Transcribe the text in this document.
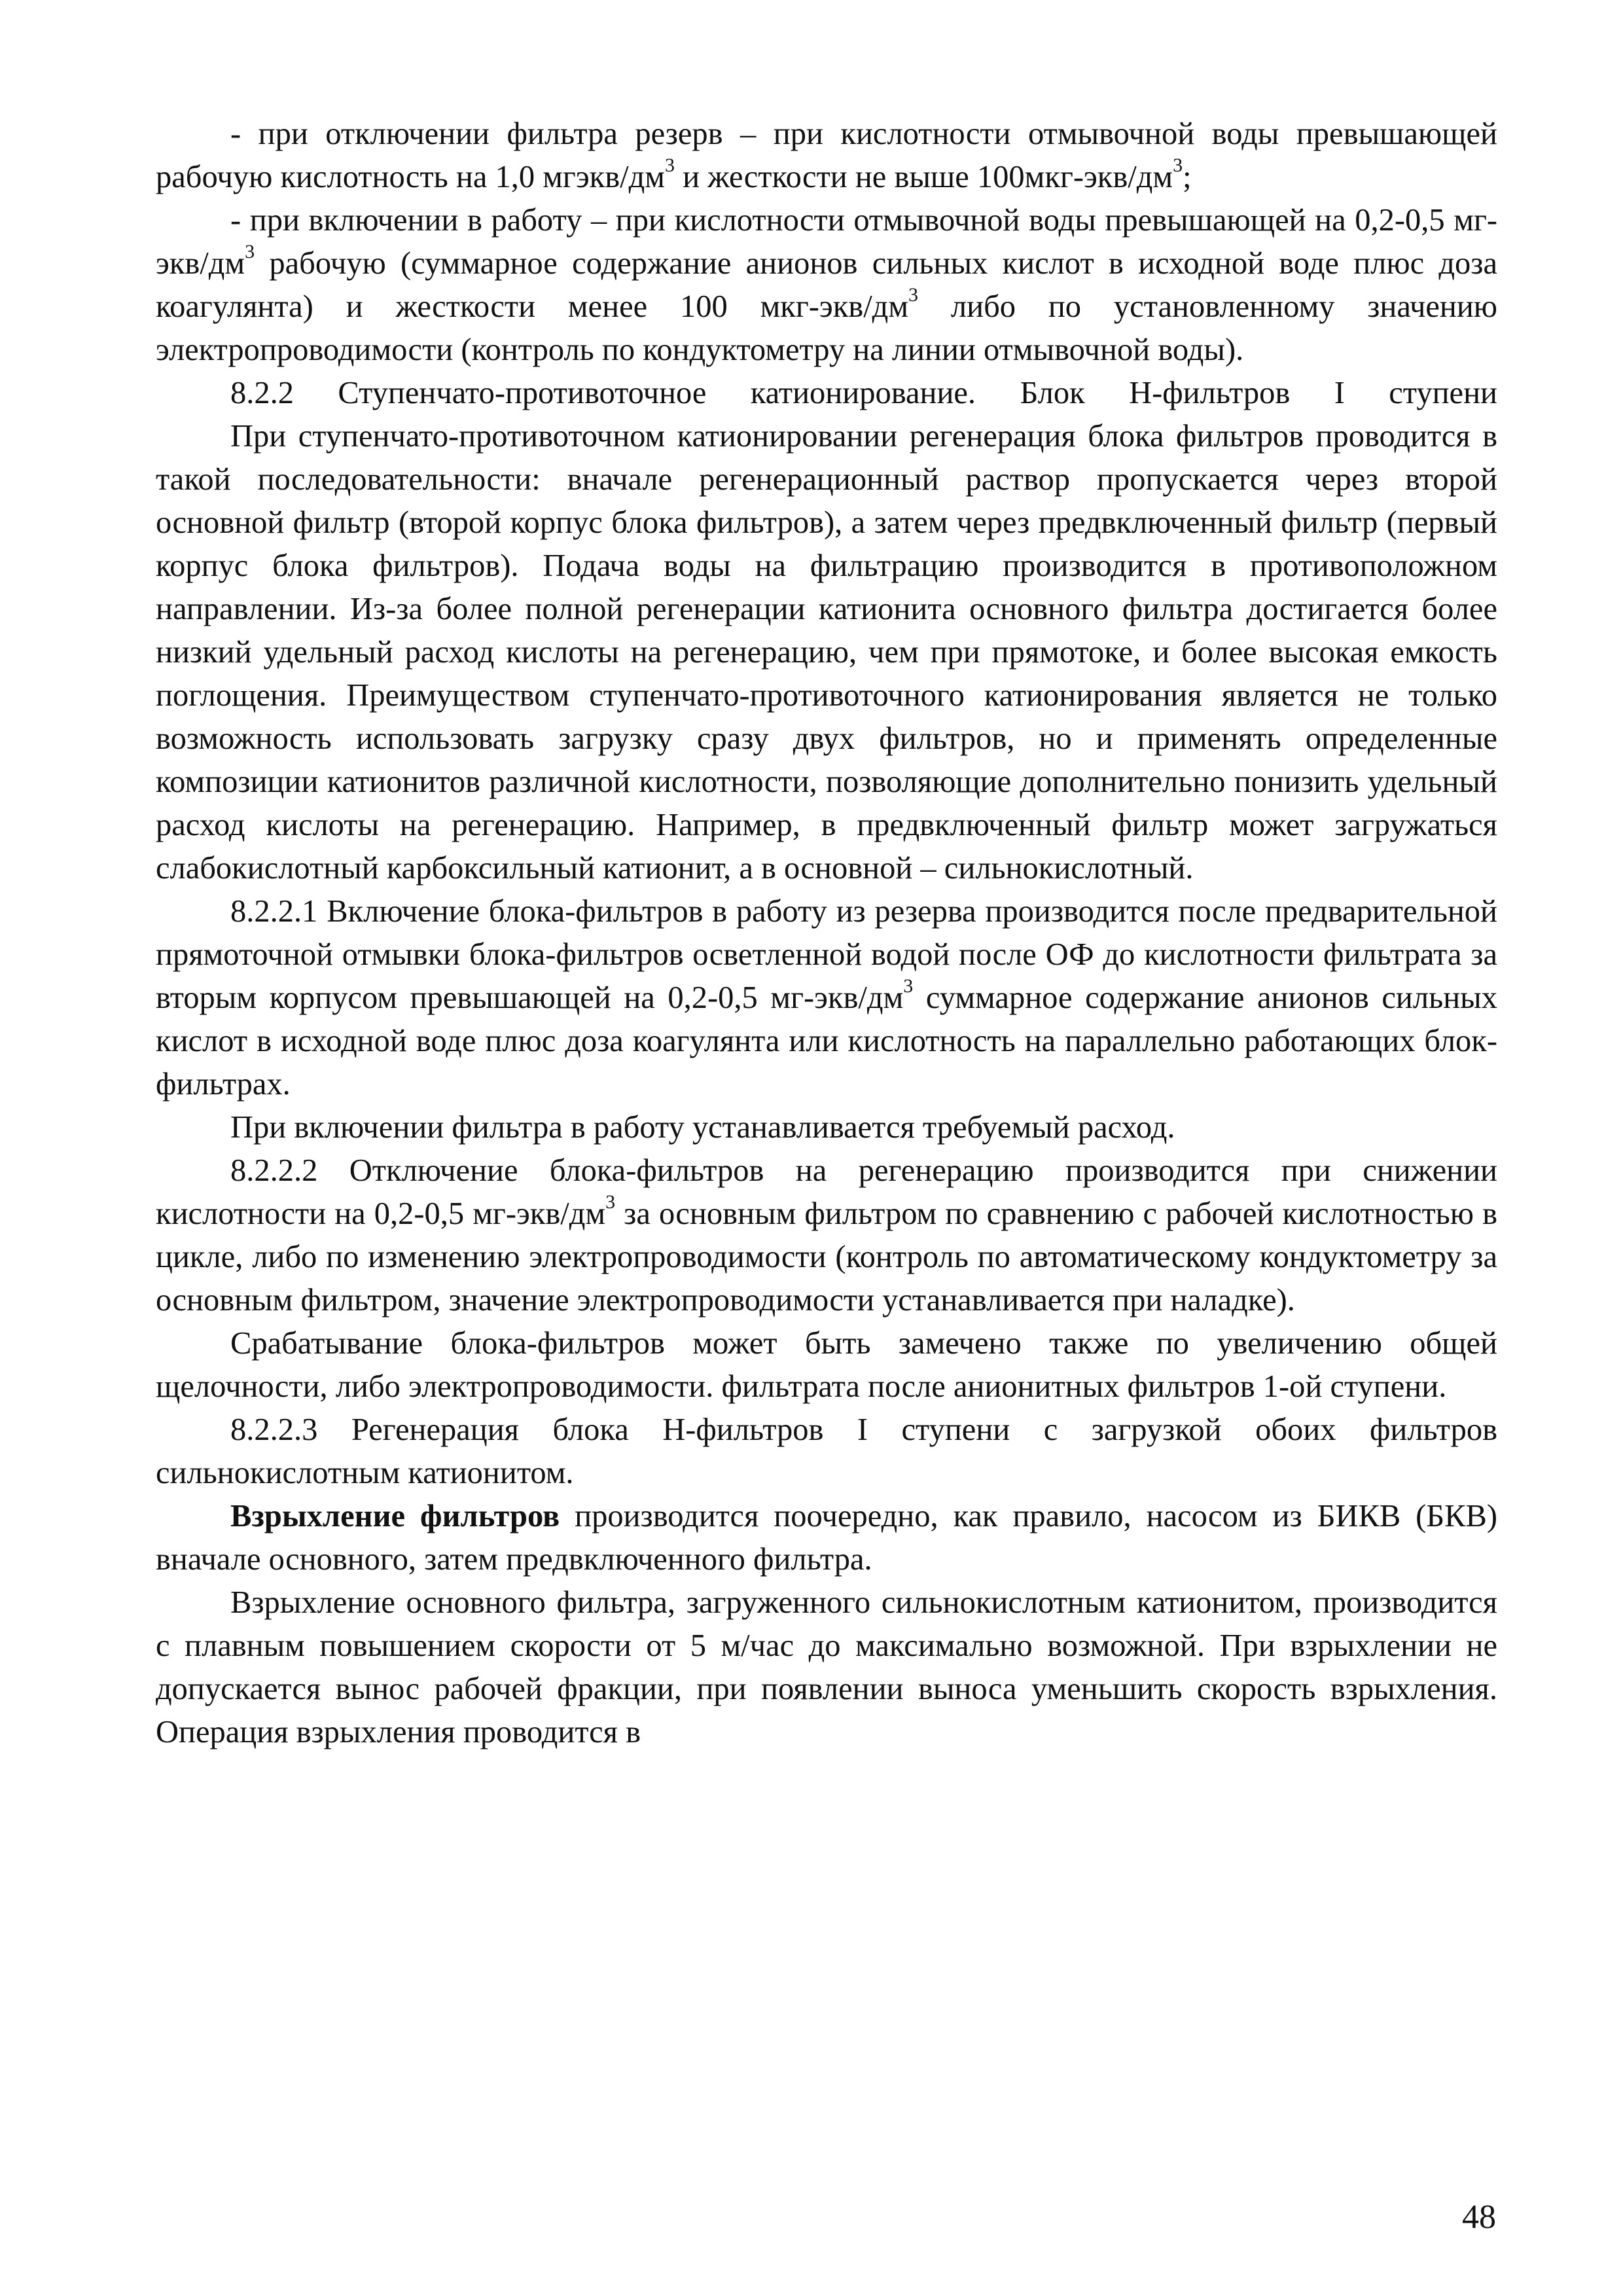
- при отключении фильтра резерв – при кислотности отмывочной воды превышающей рабочую кислотность на 1,0 мгэкв/$дм^3$ и жесткости не выше $100мкг-экв/дм^3$;

- при включении в работу – при кислотности отмывочной воды превышающей на 0,2-0,5 $мг-экв/дм^3$ рабочую (суммарное содержание анионов сильных кислот в исходной воде плюс доза коагулянта) и жесткости менее 100 мкг-$экв/дм^3$ либо по установленному значению электропроводимости (контроль по кондуктометру на линии отмывочной воды).

8.2.2 Ступенчато-противоточное катионирование. Блок Н-фильтров I ступени

При ступенчато-противоточном катионировании регенерация блока фильтров проводится в такой последовательности: вначале регенерационный раствор пропускается через второй основной фильтр (второй корпус блока фильтров), а затем через предвключенный фильтр (первый корпус блока фильтров). Подача воды на фильтрацию производится в противоположном направлении. Из-за более полной регенерации катионита основного фильтра достигается более низкий удельный расход кислоты на регенерацию, чем при прямотоке, и более высокая емкость поглощения. Преимуществом ступенчато-противоточного катионирования является не только возможность использовать загрузку сразу двух фильтров, но и применять определенные композиции катионитов различной кислотности, позволяющие дополнительно понизить удельный расход кислоты на регенерацию. Например, в предвключенный фильтр может загружаться слабокислотный карбоксильный катионит, а в основной – сильнокислотный.

8.2.2.1 Включение блока-фильтров в работу из резерва производится после предварительной прямоточной отмывки блока-фильтров осветленной водой после ОФ до кислотности фильтрата за вторым корпусом превышающей на 0,2-0,5 $мг-экв/дм^3$ суммарное содержание анионов сильных кислот в исходной воде плюс доза коагулянта или кислотность на параллельно работающих блок-фильтрах.

При включении фильтра в работу устанавливается требуемый расход.

8.2.2.2 Отключение блока-фильтров на регенерацию производится при снижении кислотности на 0,2-0,5 $мг-экв/дм^3$ за основным фильтром по сравнению с рабочей кислотностью в цикле, либо по изменению электропроводимости (контроль по автоматическому кондуктометру за основным фильтром, значение электропроводимости устанавливается при наладке).

Срабатывание блока-фильтров может быть замечено также по увеличению общей щелочности, либо электропроводимости. фильтрата после анионитных фильтров 1-ой ступени.

8.2.2.3 Регенерация блока Н-фильтров I ступени с загрузкой обоих фильтров сильнокислотным катионитом.

Взрыхление фильтров производится поочередно, как правило, насосом из БИКВ (БКВ) вначале основного, затем предвключенного фильтра.

Взрыхление основного фильтра, загруженного сильнокислотным катионитом, производится с плавным повышением скорости от 5 м/час до максимально возможной. При взрыхлении не допускается вынос рабочей фракции, при появлении выноса уменьшить скорость взрыхления. Операция взрыхления проводится в

48
